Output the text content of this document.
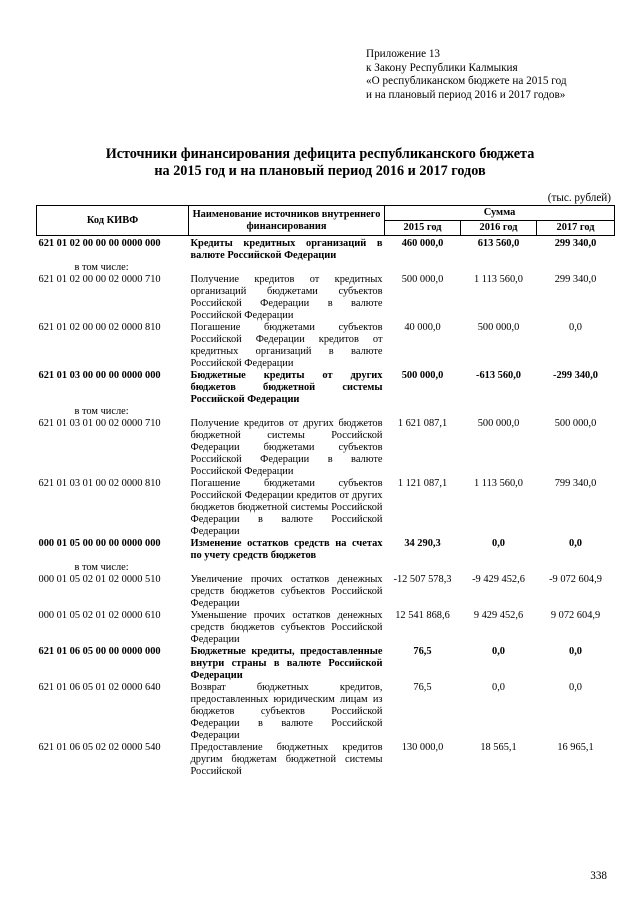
Приложение 13
к Закону Республики Калмыкия
«О республиканском бюджете на 2015 год
и на плановый период 2016 и 2017 годов»
Источники финансирования дефицита республиканского бюджета
на 2015 год и на плановый период 2016 и 2017 годов
(тыс. рублей)
Код КИВФ	Наименование источников внутреннего финансирования	Сумма		
		2015 год	2016 год	2017 год
621 01 02 00 00 00 0000 000	Кредиты кредитных организаций в валюте Российской Федерации	460 000,0	613 560,0	299 340,0
в том числе:				
621 01 02 00 00 02 0000 710	Получение кредитов от кредитных организаций бюджетами субъектов Российской Федерации в валюте Российской Федерации	500 000,0	1 113 560,0	299 340,0
621 01 02 00 00 02 0000 810	Погашение бюджетами субъектов Российской Федерации кредитов от кредитных организаций в валюте Российской Федерации	40 000,0	500 000,0	0,0
621 01 03 00 00 00 0000 000	Бюджетные кредиты от других бюджетов бюджетной системы Российской Федерации	500 000,0	-613 560,0	-299 340,0
в том числе:				
621 01 03 01 00 02 0000 710	Получение кредитов от других бюджетов бюджетной системы Российской Федерации бюджетами субъектов Российской Федерации в валюте Российской Федерации	1 621 087,1	500 000,0	500 000,0
621 01 03 01 00 02 0000 810	Погашение бюджетами субъектов Российской Федерации кредитов от других бюджетов бюджетной системы Российской Федерации в валюте Российской Федерации	1 121 087,1	1 113 560,0	799 340,0
000 01 05 00 00 00 0000 000	Изменение остатков средств на счетах по учету средств бюджетов	34 290,3	0,0	0,0
в том числе:				
000 01 05 02 01 02 0000 510	Увеличение прочих остатков денежных средств бюджетов субъектов Российской Федерации	-12 507 578,3	-9 429 452,6	-9 072 604,9
000 01 05 02 01 02 0000 610	Уменьшение прочих остатков денежных средств бюджетов субъектов Российской Федерации	12 541 868,6	9 429 452,6	9 072 604,9
621 01 06 05 00 00 0000 000	Бюджетные кредиты, предоставленные внутри страны в валюте Российской Федерации	76,5	0,0	0,0
621 01 06 05 01 02 0000 640	Возврат бюджетных кредитов, предоставленных юридическим лицам из бюджетов субъектов Российской Федерации в валюте Российской Федерации	76,5	0,0	0,0
621 01 06 05 02 02 0000 540	Предоставление бюджетных кредитов другим бюджетам бюджетной системы Российской	130 000,0	18 565,1	16 965,1
338
